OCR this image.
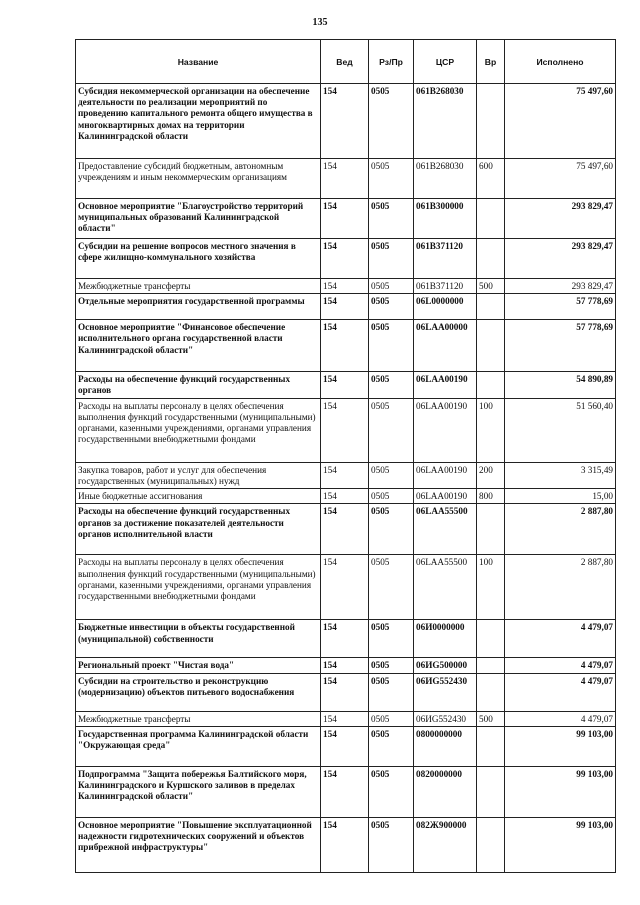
135
Название	Вед	Рз/Пр	ЦСР	Вр	Исполнено
Субсидия некоммерческой организации на обеспечение деятельности по реализации мероприятий по проведению капитального ремонта общего имущества в многоквартирных домах на территории Калининградской области	154	0505	061B268030		75 497,60
Предоставление субсидий бюджетным, автономным учреждениям и иным некоммерческим организациям	154	0505	061B268030	600	75 497,60
Основное мероприятие "Благоустройство территорий муниципальных образований Калининградской области"	154	0505	061B300000		293 829,47
Субсидии на решение вопросов местного значения в сфере жилищно-коммунального хозяйства	154	0505	061B371120		293 829,47
Межбюджетные трансферты	154	0505	061B371120	500	293 829,47
Отдельные мероприятия государственной программы	154	0505	06L0000000		57 778,69
Основное мероприятие "Финансовое обеспечение исполнительного органа государственной власти Калининградской области"	154	0505	06LAA00000		57 778,69
Расходы на обеспечение функций государственных органов	154	0505	06LAA00190		54 890,89
Расходы на выплаты персоналу в целях обеспечения выполнения функций государственными (муниципальными) органами, казенными учреждениями, органами управления государственными внебюджетными фондами	154	0505	06LAA00190	100	51 560,40
Закупка товаров, работ и услуг для обеспечения государственных (муниципальных) нужд	154	0505	06LAA00190	200	3 315,49
Иные бюджетные ассигнования	154	0505	06LAA00190	800	15,00
Расходы на обеспечение функций государственных органов за достижение показателей деятельности органов исполнительной власти	154	0505	06LAA55500		2 887,80
Расходы на выплаты персоналу в целях обеспечения выполнения функций государственными (муниципальными) органами, казенными учреждениями, органами управления государственными внебюджетными фондами	154	0505	06LAA55500	100	2 887,80
Бюджетные инвестиции в объекты государственной (муниципальной) собственности	154	0505	06И0000000		4 479,07
Региональный проект "Чистая вода"	154	0505	06ИG500000		4 479,07
Субсидии на строительство и реконструкцию (модернизацию) объектов питьевого водоснабжения	154	0505	06ИG552430		4 479,07
Межбюджетные трансферты	154	0505	06ИG552430	500	4 479,07
Государственная программа Калининградской области "Окружающая среда"	154	0505	0800000000		99 103,00
Подпрограмма "Защита побережья Балтийского моря, Калининградского и Куршского заливов в пределах Калининградской области"	154	0505	0820000000		99 103,00
Основное мероприятие "Повышение эксплуатационной надежности гидротехнических сооружений и объектов прибрежной инфраструктуры"	154	0505	082Ж900000		99 103,00
